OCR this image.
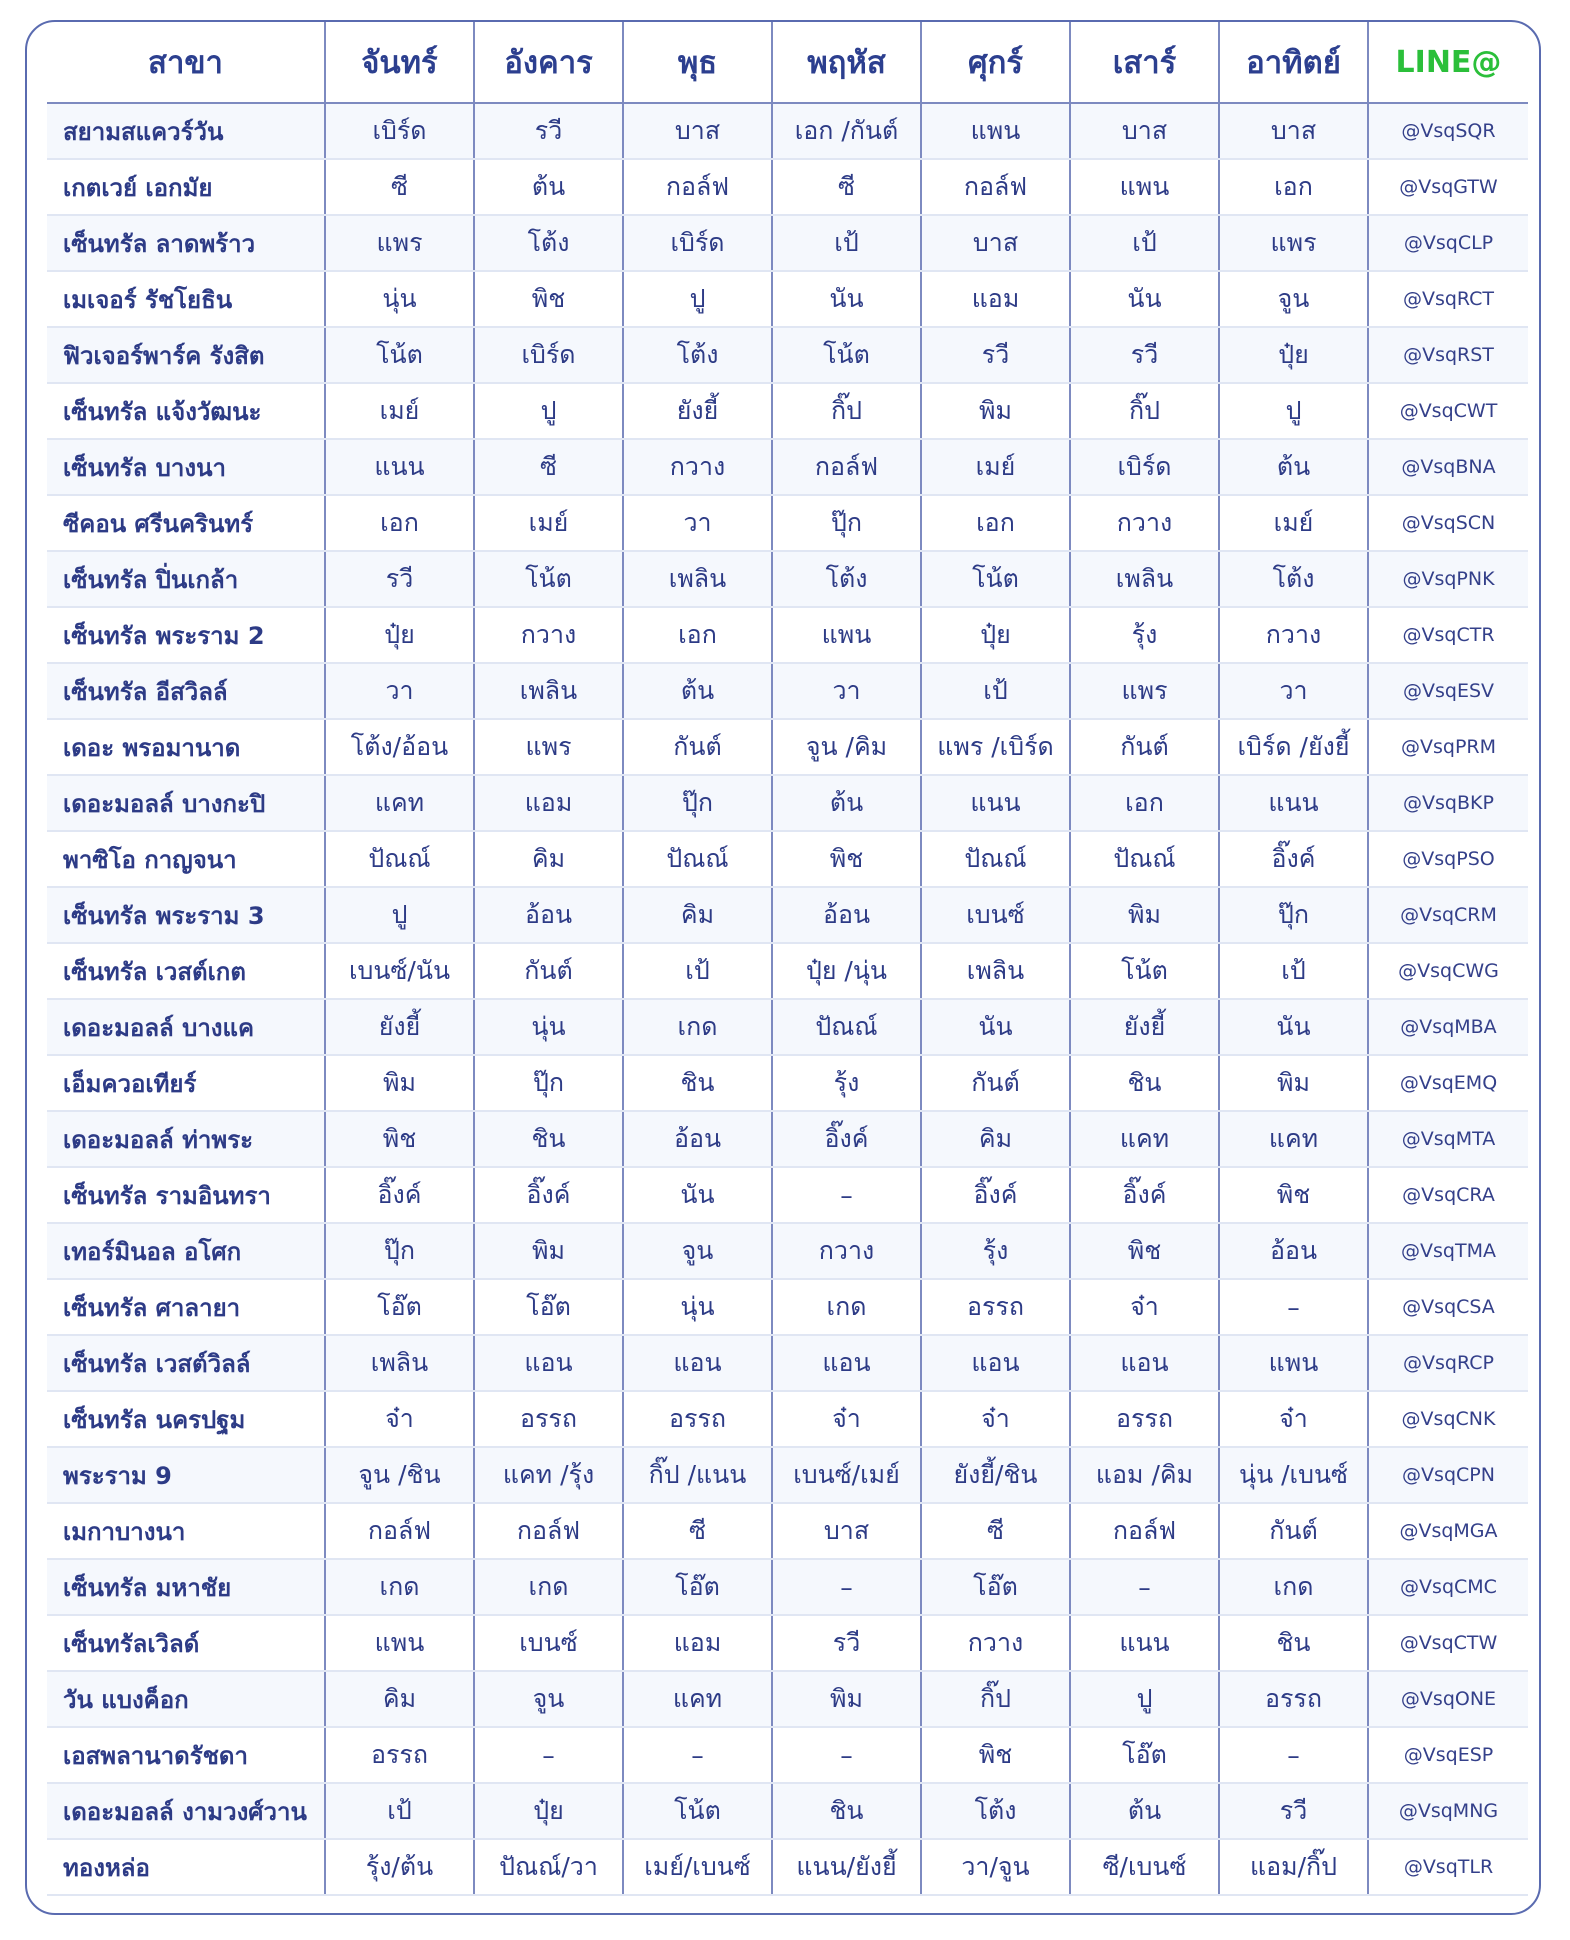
สาขา	จันทร์	อังคาร	พุธ	พฤหัส	ศุกร์	เสาร์	อาทิตย์	LINE@
สยามสแควร์วัน	เบิร์ด	รวี	บาส	เอก /กันต์	แพน	บาส	บาส	@VsqSQR
เกตเวย์ เอกมัย	ซี	ต้น	กอล์ฟ	ซี	กอล์ฟ	แพน	เอก	@VsqGTW
เซ็นทรัล ลาดพร้าว	แพร	โต้ง	เบิร์ด	เป้	บาส	เป้	แพร	@VsqCLP
เมเจอร์ รัชโยธิน	นุ่น	พิช	ปู	นัน	แอม	นัน	จูน	@VsqRCT
ฟิวเจอร์พาร์ค รังสิต	โน้ต	เบิร์ด	โต้ง	โน้ต	รวี	รวี	ปุ๋ย	@VsqRST
เซ็นทรัล แจ้งวัฒนะ	เมย์	ปู	ยังยี้	กิ๊ป	พิม	กิ๊ป	ปู	@VsqCWT
เซ็นทรัล บางนา	แนน	ซี	กวาง	กอล์ฟ	เมย์	เบิร์ด	ต้น	@VsqBNA
ซีคอน ศรีนครินทร์	เอก	เมย์	วา	ปุ๊ก	เอก	กวาง	เมย์	@VsqSCN
เซ็นทรัล ปิ่นเกล้า	รวี	โน้ต	เพลิน	โต้ง	โน้ต	เพลิน	โต้ง	@VsqPNK
เซ็นทรัล พระราม 2	ปุ๋ย	กวาง	เอก	แพน	ปุ๋ย	รุ้ง	กวาง	@VsqCTR
เซ็นทรัล อีสวิลล์	วา	เพลิน	ต้น	วา	เป้	แพร	วา	@VsqESV
เดอะ พรอมานาด	โต้ง/อ้อน	แพร	กันต์	จูน /คิม	แพร /เบิร์ด	กันต์	เบิร์ด /ยังยี้	@VsqPRM
เดอะมอลล์ บางกะปิ	แคท	แอม	ปุ๊ก	ต้น	แนน	เอก	แนน	@VsqBKP
พาซิโอ กาญจนา	ปัณณ์	คิม	ปัณณ์	พิช	ปัณณ์	ปัณณ์	อิ๊งค์	@VsqPSO
เซ็นทรัล พระราม 3	ปู	อ้อน	คิม	อ้อน	เบนซ์	พิม	ปุ๊ก	@VsqCRM
เซ็นทรัล เวสต์เกต	เบนซ์/นัน	กันต์	เป้	ปุ๋ย /นุ่น	เพลิน	โน้ต	เป้	@VsqCWG
เดอะมอลล์ บางแค	ยังยี้	นุ่น	เกด	ปัณณ์	นัน	ยังยี้	นัน	@VsqMBA
เอ็มควอเทียร์	พิม	ปุ๊ก	ชิน	รุ้ง	กันต์	ชิน	พิม	@VsqEMQ
เดอะมอลล์ ท่าพระ	พิช	ชิน	อ้อน	อิ๊งค์	คิม	แคท	แคท	@VsqMTA
เซ็นทรัล รามอินทรา	อิ๊งค์	อิ๊งค์	นัน	–	อิ๊งค์	อิ๊งค์	พิช	@VsqCRA
เทอร์มินอล อโศก	ปุ๊ก	พิม	จูน	กวาง	รุ้ง	พิช	อ้อน	@VsqTMA
เซ็นทรัล ศาลายา	โอ๊ต	โอ๊ต	นุ่น	เกด	อรรถ	จ๋า	–	@VsqCSA
เซ็นทรัล เวสต์วิลล์	เพลิน	แอน	แอน	แอน	แอน	แอน	แพน	@VsqRCP
เซ็นทรัล นครปฐม	จ๋า	อรรถ	อรรถ	จ๋า	จ๋า	อรรถ	จ๋า	@VsqCNK
พระราม 9	จูน /ชิน	แคท /รุ้ง	กิ๊ป /แนน	เบนซ์/เมย์	ยังยี้/ชิน	แอม /คิม	นุ่น /เบนซ์	@VsqCPN
เมกาบางนา	กอล์ฟ	กอล์ฟ	ซี	บาส	ซี	กอล์ฟ	กันต์	@VsqMGA
เซ็นทรัล มหาชัย	เกด	เกด	โอ๊ต	–	โอ๊ต	–	เกด	@VsqCMC
เซ็นทรัลเวิลด์	แพน	เบนซ์	แอม	รวี	กวาง	แนน	ชิน	@VsqCTW
วัน แบงค็อก	คิม	จูน	แคท	พิม	กิ๊ป	ปู	อรรถ	@VsqONE
เอสพลานาดรัชดา	อรรถ	–	–	–	พิช	โอ๊ต	–	@VsqESP
เดอะมอลล์ งามวงศ์วาน	เป้	ปุ๋ย	โน้ต	ชิน	โต้ง	ต้น	รวี	@VsqMNG
ทองหล่อ	รุ้ง/ต้น	ปัณณ์/วา	เมย์/เบนซ์	แนน/ยังยี้	วา/จูน	ซี/เบนซ์	แอม/กิ๊ป	@VsqTLR
